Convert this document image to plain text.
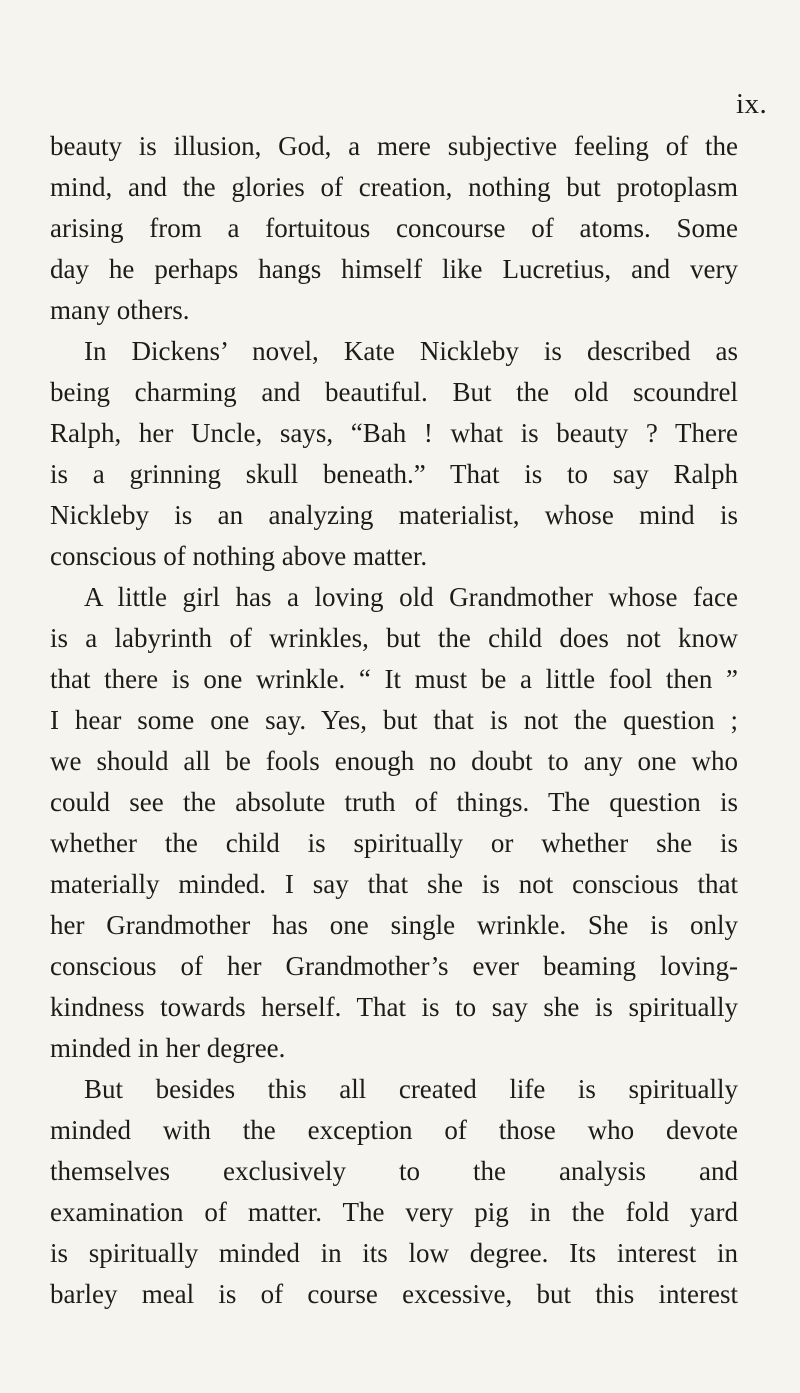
ix.
beauty is illusion, God, a mere subjective feeling of the
mind, and the glories of creation, nothing but protoplasm
arising from a fortuitous concourse of atoms. Some
day he perhaps hangs himself like Lucretius, and very
many others.
In Dickens’ novel, Kate Nickleby is described as
being charming and beautiful. But the old scoundrel
Ralph, her Uncle, says, “Bah ! what is beauty ? There
is a grinning skull beneath.” That is to say Ralph
Nickleby is an analyzing materialist, whose mind is
conscious of nothing above matter.
A little girl has a loving old Grandmother whose face
is a labyrinth of wrinkles, but the child does not know
that there is one wrinkle. “ It must be a little fool then ”
I hear some one say. Yes, but that is not the question ;
we should all be fools enough no doubt to any one who
could see the absolute truth of things. The question is
whether the child is spiritually or whether she is
materially minded. I say that she is not conscious that
her Grandmother has one single wrinkle. She is only
conscious of her Grandmother’s ever beaming loving-
kindness towards herself. That is to say she is spiritually
minded in her degree.
But besides this all created life is spiritually
minded with the exception of those who devote
themselves exclusively to the analysis and
examination of matter. The very pig in the fold yard
is spiritually minded in its low degree. Its interest in
barley meal is of course excessive, but this interest
